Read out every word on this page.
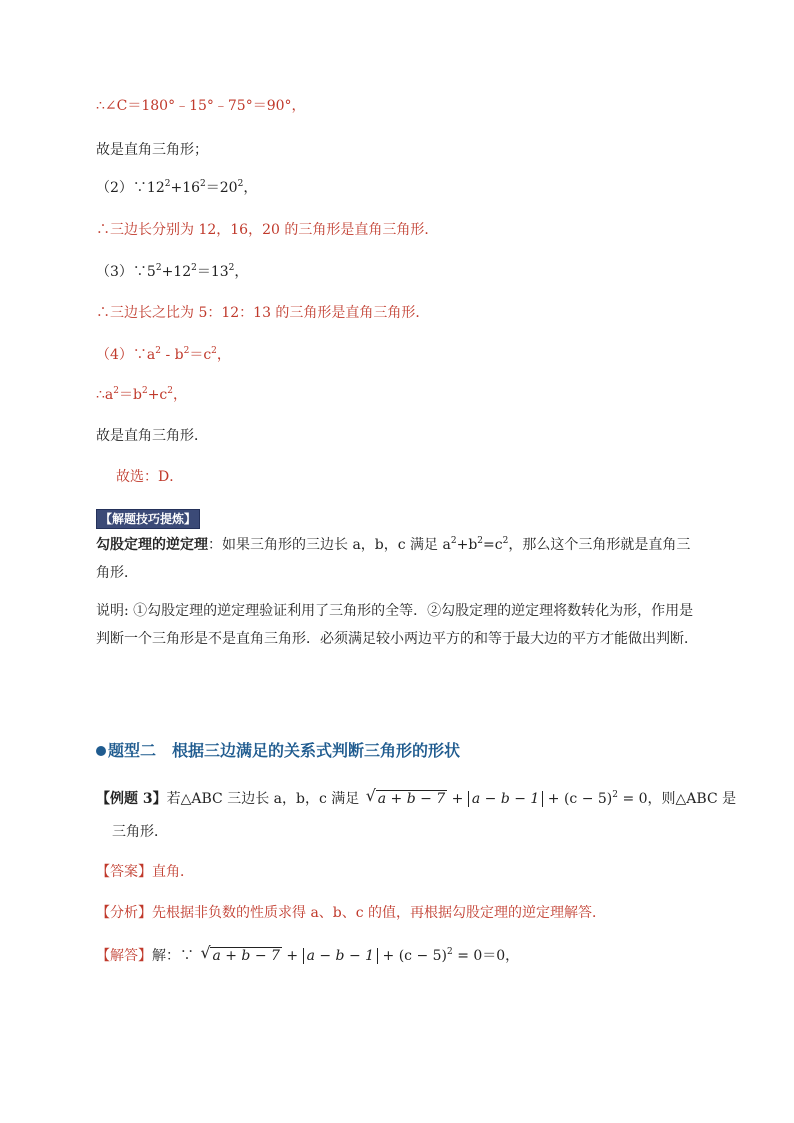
∴∠C＝180°﹣15°﹣75°＝90°，
故是直角三角形；
$(2)\because 12^2+16^2=20^2$，
∴三边长分别为 12，16，20 的三角形是直角三角形．
$(3)\because 5^2+12^2=13^2$，
∴三边长之比为 5：12：13 的三角形是直角三角形．
$(4)\because a^2 - b^2=c^2$，
$\therefore a^2=b^2+c^2$，
故是直角三角形．
故选：D．
【解题技巧提炼】
勾股定理的逆定理：如果三角形的三边长 a，b，c 满足 $a^2+b^2=c^2$，那么这个三角形就是直角三角形．
说明: ①勾股定理的逆定理验证利用了三角形的全等．②勾股定理的逆定理将数转化为形，作用是判断一个三角形是不是直角三角形．必须满足较小两边平方的和等于最大边的平方才能做出判断．
题型二　根据三边满足的关系式判断三角形的形状
【例题 3】若△ABC 三边长 a，b，c 满足 √ $a + b - 7 + a - b - 1 + (c - 5)^2 = 0$，则△ABC 是
三角形．
【答案】直角．
【分析】先根据非负数的性质求得 a、b、c 的值，再根据勾股定理的逆定理解答．
【解答】解：∵ √ $a + b - 7 + a - b - 1 + (c - 5)^2 = 0=0$，
